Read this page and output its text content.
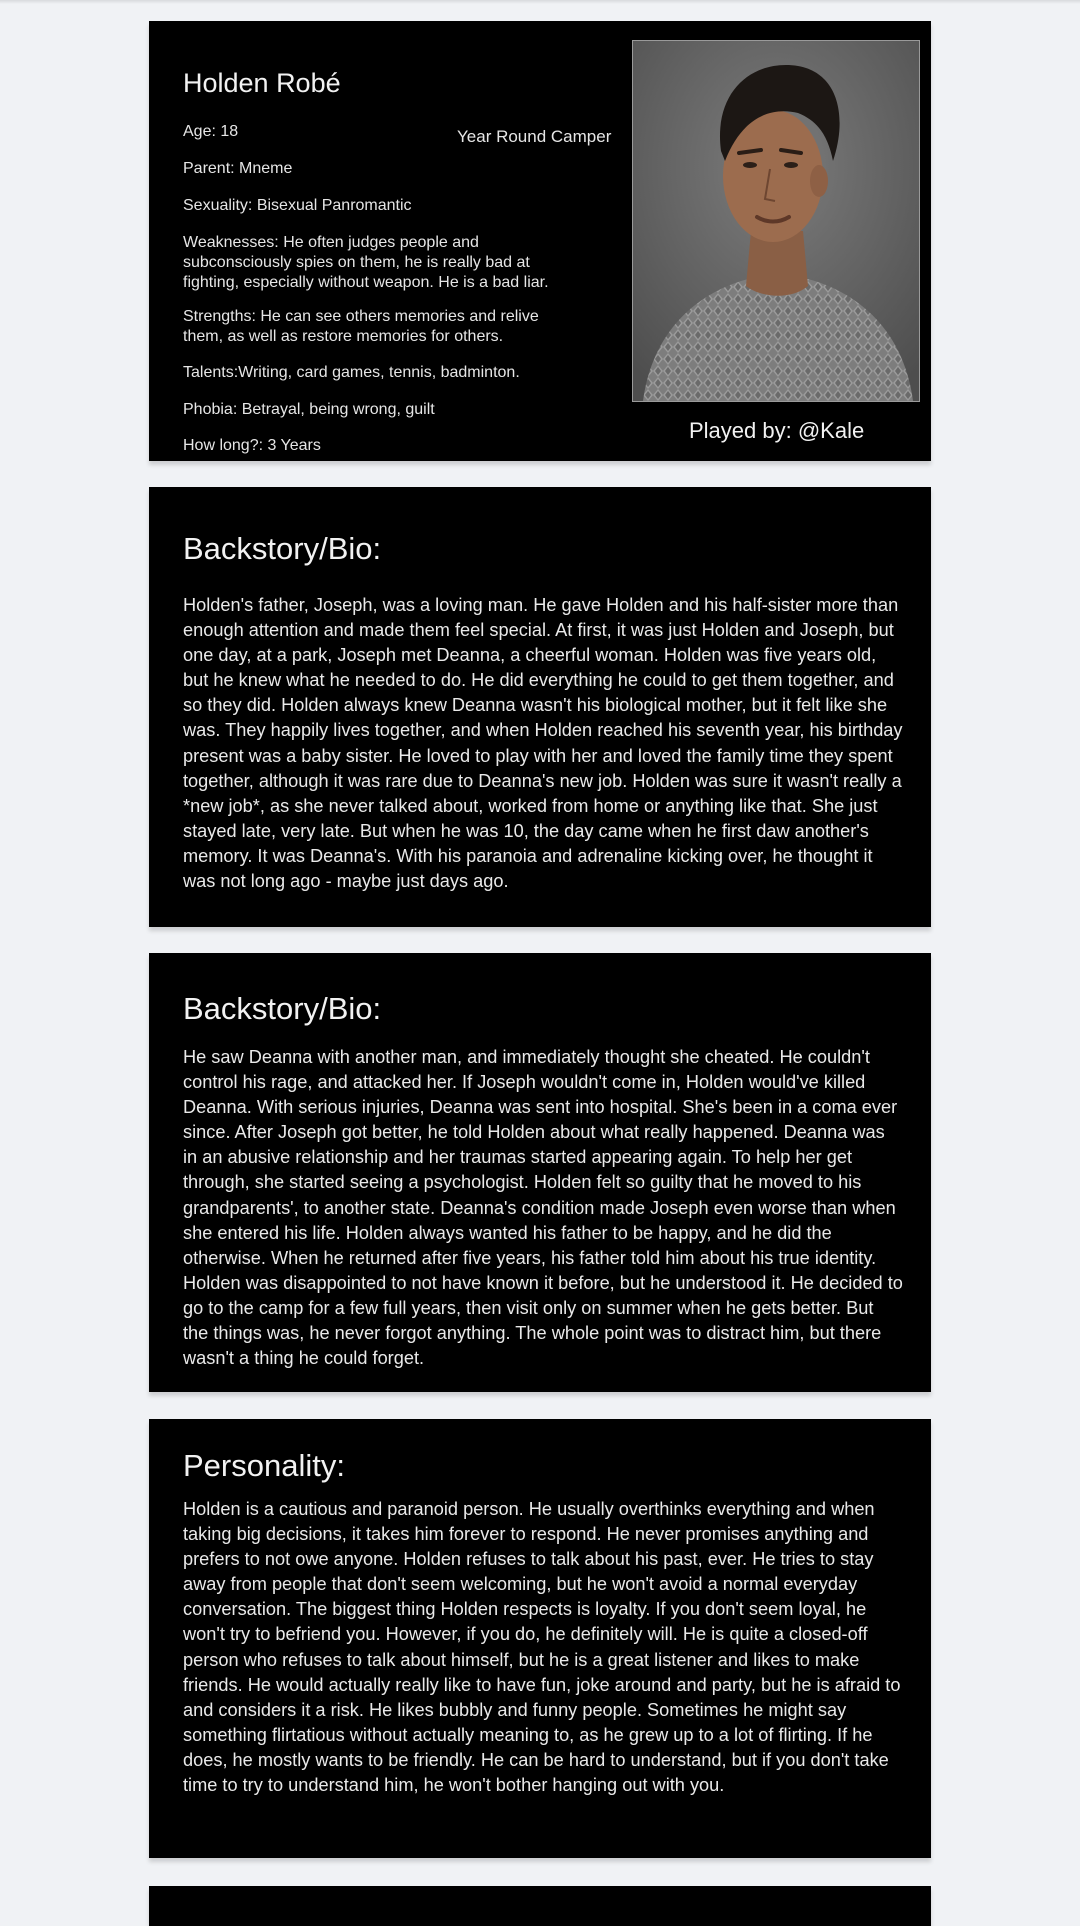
Holden Robé
Year Round Camper
Age: 18
Parent: Mneme
Sexuality: Bisexual Panromantic
Weaknesses: He often judges people and subconsciously spies on them, he is really bad at fighting, especially without weapon. He is a bad liar.
Strengths: He can see others memories and relive them, as well as restore memories for others.
Talents:Writing, card games, tennis, badminton.
Phobia: Betrayal, being wrong, guilt
How long?: 3 Years
Played by: @Kale
Backstory/Bio:

Holden's father, Joseph, was a loving man. He gave Holden and his half-sister more than enough attention and made them feel special. At first, it was just Holden and Joseph, but one day, at a park, Joseph met Deanna, a cheerful woman. Holden was five years old, but he knew what he needed to do. He did everything he could to get them together, and so they did. Holden always knew Deanna wasn't his biological mother, but it felt like she was. They happily lives together, and when Holden reached his seventh year, his birthday present was a baby sister. He loved to play with her and loved the family time they spent together, although it was rare due to Deanna's new job. Holden was sure it wasn't really a *new job*, as she never talked about, worked from home or anything like that. She just stayed late, very late. But when he was 10, the day came when he first daw another's memory. It was Deanna's. With his paranoia and adrenaline kicking over, he thought it was not long ago - maybe just days ago.

Backstory/Bio:

He saw Deanna with another man, and immediately thought she cheated. He couldn't control his rage, and attacked her. If Joseph wouldn't come in, Holden would've killed Deanna. With serious injuries, Deanna was sent into hospital. She's been in a coma ever since. After Joseph got better, he told Holden about what really happened. Deanna was in an abusive relationship and her traumas started appearing again. To help her get through, she started seeing a psychologist. Holden felt so guilty that he moved to his grandparents', to another state. Deanna's condition made Joseph even worse than when she entered his life. Holden always wanted his father to be happy, and he did the otherwise. When he returned after five years, his father told him about his true identity. Holden was disappointed to not have known it before, but he understood it. He decided to go to the camp for a few full years, then visit only on summer when he gets better. But the things was, he never forgot anything. The whole point was to distract him, but there wasn't a thing he could forget.

Personality:

Holden is a cautious and paranoid person. He usually overthinks everything and when taking big decisions, it takes him forever to respond. He never promises anything and prefers to not owe anyone. Holden refuses to talk about his past, ever. He tries to stay away from people that don't seem welcoming, but he won't avoid a normal everyday conversation. The biggest thing Holden respects is loyalty. If you don't seem loyal, he won't try to befriend you. However, if you do, he definitely will. He is quite a closed-off person who refuses to talk about himself, but he is a great listener and likes to make friends. He would actually really like to have fun, joke around and party, but he is afraid to and considers it a risk. He likes bubbly and funny people. Sometimes he might say something flirtatious without actually meaning to, as he grew up to a lot of flirting. If he does, he mostly wants to be friendly. He can be hard to understand, but if you don't take time to try to understand him, he won't bother hanging out with you.
